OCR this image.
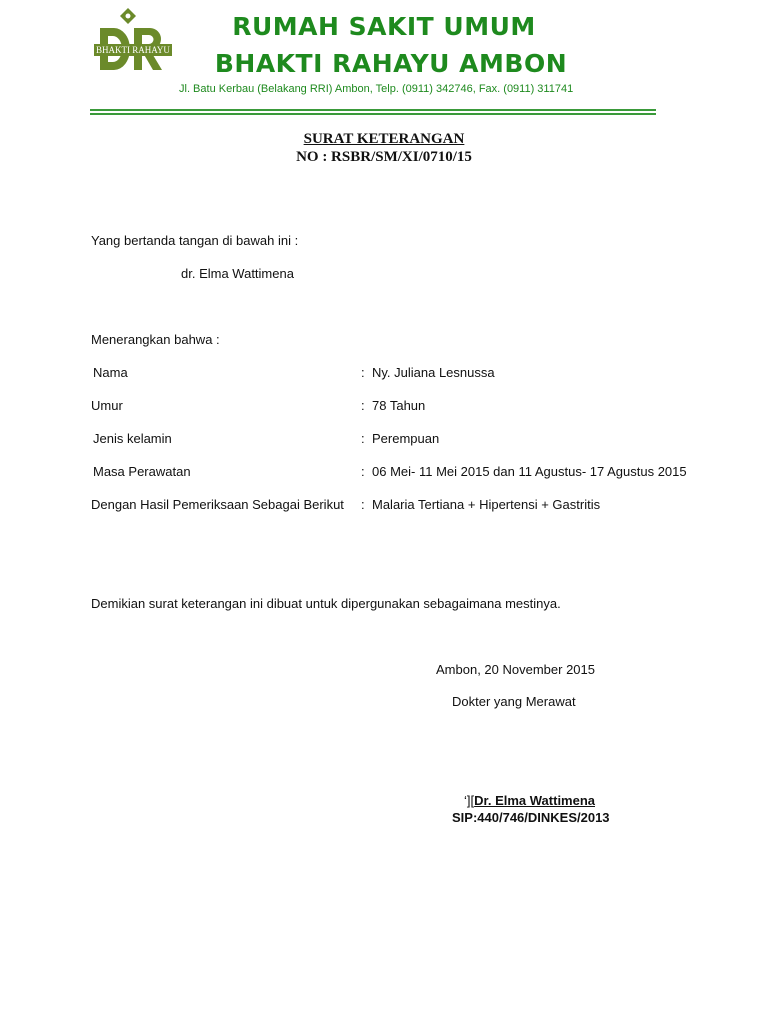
BHAKTI RAHAYU
RUMAH SAKIT UMUM
BHAKTI RAHAYU AMBON
Jl. Batu Kerbau (Belakang RRI) Ambon, Telp. (0911) 342746, Fax. (0911) 311741
SURAT KETERANGAN
NO : RSBR/SM/XI/0710/15
Yang bertanda tangan di bawah ini :
dr. Elma Wattimena
Menerangkan bahwa :
Nama	: Ny. Juliana Lesnussa
Umur	: 78 Tahun
Jenis kelamin	: Perempuan
Masa Perawatan	: 06 Mei- 11 Mei 2015 dan 11 Agustus- 17 Agustus 2015
Dengan Hasil Pemeriksaan Sebagai Berikut : Malaria Tertiana + Hipertensi + Gastritis
Demikian surat keterangan ini dibuat untuk dipergunakan sebagaimana mestinya.
Ambon, 20 November 2015
Dokter yang Merawat
‘][Dr. Elma Wattimena
SIP:440/746/DINKES/2013
